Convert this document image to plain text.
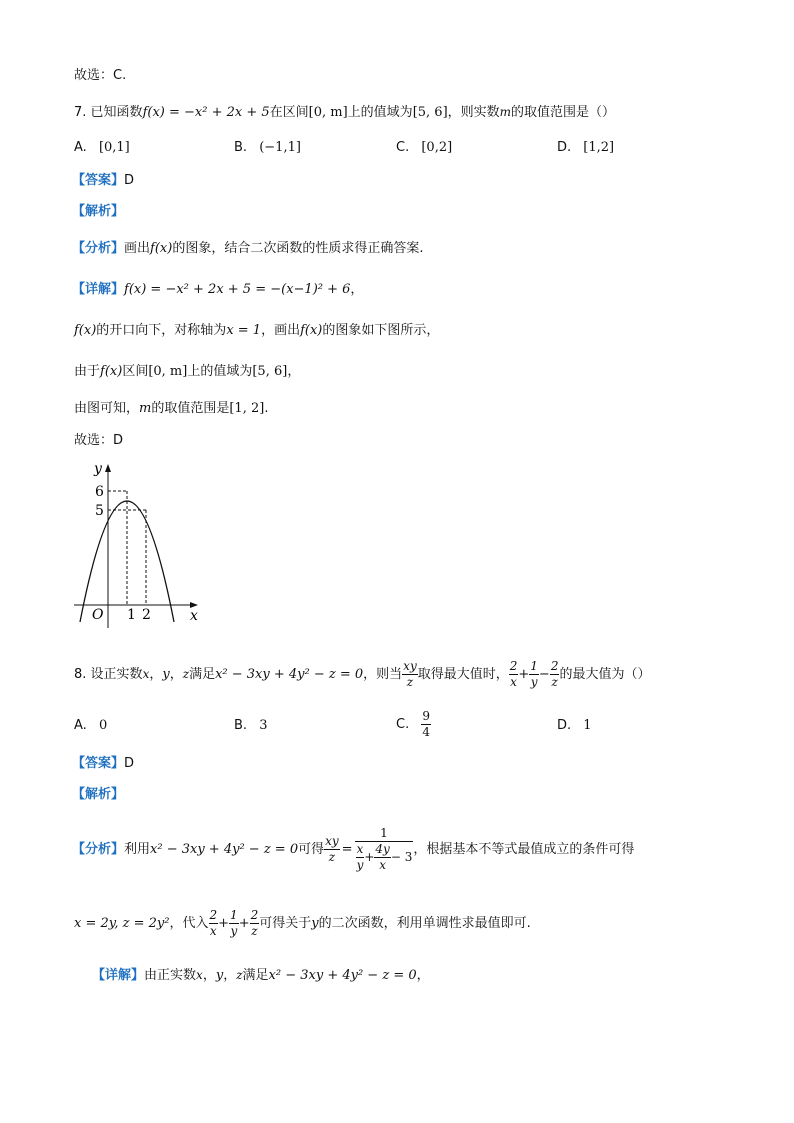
故选：C.
7. 已知函数f(x) = −x² + 2x + 5在区间[0, m]上的值域为[5, 6]，则实数m的取值范围是（）
A. [0,1]	B. (−1,1]	C. [0,2]	D. [1,2]
【答案】D
【解析】
【分析】画出f(x)的图象，结合二次函数的性质求得正确答案.
【详解】f(x) = −x² + 2x + 5 = −(x−1)² + 6，
f(x)的开口向下，对称轴为x = 1，画出f(x)的图象如下图所示，
由于f(x)区间[0, m]上的值域为[5, 6]，
由图可知，m的取值范围是[1, 2].
故选：D
y
x
O
6
5
1 2
8. 设正实数x，y，z满足x² − 3xy + 4y² − z = 0，则当 $\frac{xy}{z}$ 取得最大值时， $\frac{2}{x} + \frac{1}{y} - \frac{2}{z}$ 的最大值为（）
A. 0	B. 3	C. $\frac{9}{4}$	D. 1
【答案】D
【解析】
【分析】利用x² − 3xy + 4y² − z = 0可得 $\frac{xy}{z} = \frac{1}{\frac{x}{y} + \frac{4y}{x} - 3}$ ，根据基本不等式最值成立的条件可得
x = 2y, z = 2y²，代入 $\frac{2}{x} + \frac{1}{y} + \frac{2}{z}$ 可得关于y的二次函数，利用单调性求最值即可.
【详解】由正实数x，y，z满足x² − 3xy + 4y² − z = 0，
